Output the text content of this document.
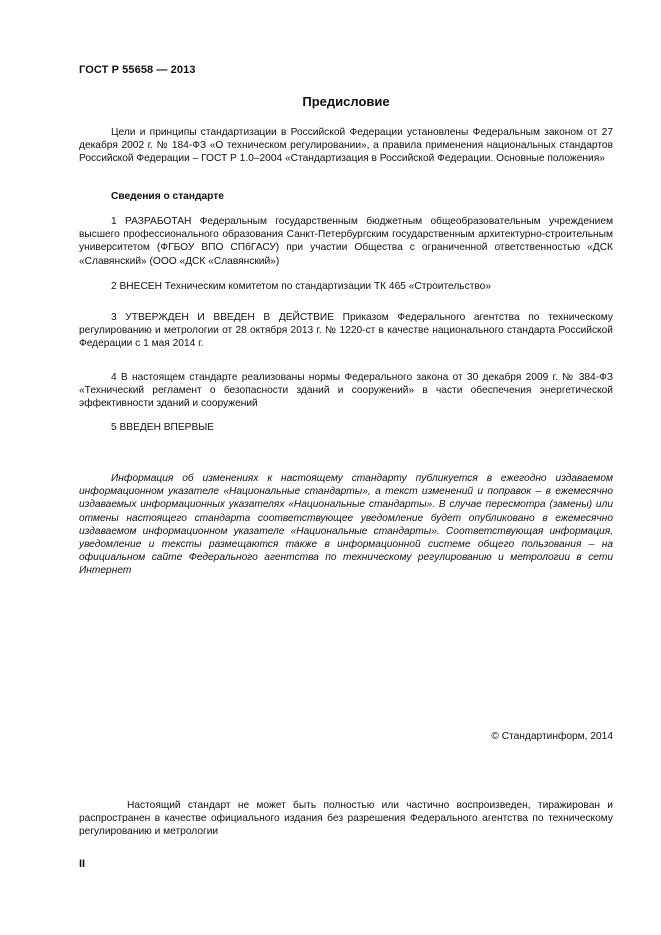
ГОСТ Р 55658 — 2013
Предисловие

Цели и принципы стандартизации в Российской Федерации установлены Федеральным законом от 27 декабря 2002 г. № 184-ФЗ «О техническом регулировании», а правила применения национальных стандартов Российской Федерации – ГОСТ Р 1.0–2004 «Стандартизация в Российской Федерации. Основные положения»

Сведения о стандарте

1 РАЗРАБОТАН Федеральным государственным бюджетным общеобразовательным учреждением высшего профессионального образования Санкт-Петербургским государственным архитектурно-строительным университетом (ФГБОУ ВПО СПбГАСУ) при участии Общества с ограниченной ответственностью «ДСК «Славянский» (ООО «ДСК «Славянский»)

2 ВНЕСЕН Техническим комитетом по стандартизации ТК 465 «Строительство»

3 УТВЕРЖДЕН И ВВЕДЕН В ДЕЙСТВИЕ Приказом Федерального агентства по техническому регулированию и метрологии от 28 октября 2013 г. № 1220-ст в качестве национального стандарта Российской Федерации с 1 мая 2014 г.

4 В настоящем стандарте реализованы нормы Федерального закона от 30 декабря 2009 г. № 384-ФЗ «Технический регламент о безопасности зданий и сооружений» в части обеспечения энергетической эффективности зданий и сооружений

5 ВВЕДЕН ВПЕРВЫЕ

Информация об изменениях к настоящему стандарту публикуется в ежегодно издаваемом информационном указателе «Национальные стандарты», а текст изменений и поправок – в ежемесячно издаваемых информационных указателях «Национальные стандарты». В случае пересмотра (замены) или отмены настоящего стандарта соответствующее уведомление будет опубликовано в ежемесячно издаваемом информационном указателе «Национальные стандарты». Соответствующая информация, уведомление и тексты размещаются также в информационной системе общего пользования – на официальном сайте Федерального агентства по техническому регулированию и метрологии в сети Интернет

© Стандартинформ, 2014

Настоящий стандарт не может быть полностью или частично воспроизведен, тиражирован и распространен в качестве официального издания без разрешения Федерального агентства по техническому регулированию и метрологии

II
